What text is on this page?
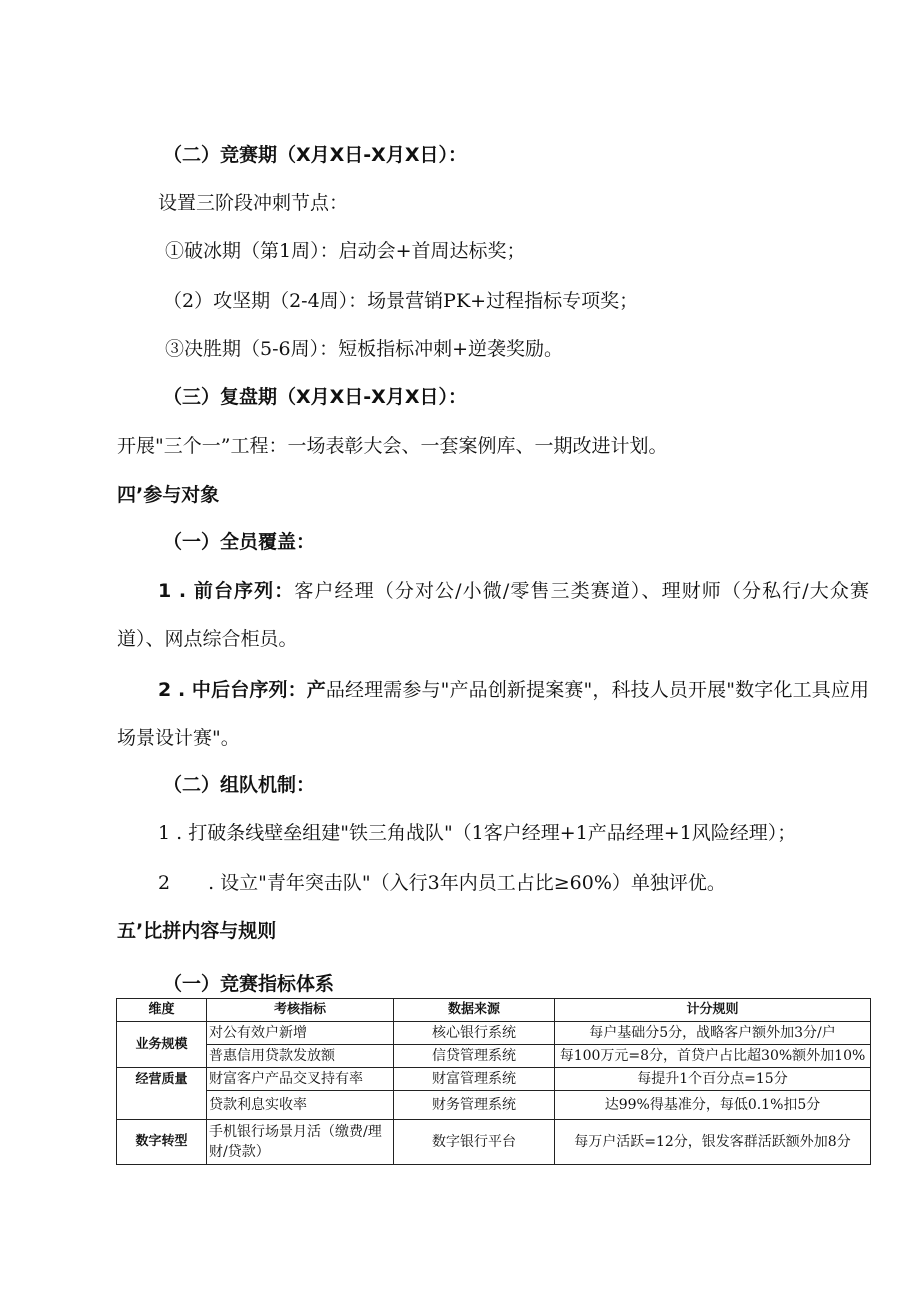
（二）竞赛期（X月X日-X月X日）：
设置三阶段冲刺节点：
①破冰期（第1周）：启动会+首周达标奖；
（2）攻坚期（2-4周）：场景营销PK+过程指标专项奖；
③决胜期（5-6周）：短板指标冲刺+逆袭奖励。
（三）复盘期（X月X日-X月X日）：
开展"三个一”工程：一场表彰大会、一套案例库、一期改进计划。
四’参与对象
（一）全员覆盖：
1 . 前台序列：客户经理（分对公/小微/零售三类赛道）、理财师（分私行/大众赛道）、网点综合柜员。
2 . 中后台序列：产品经理需参与"产品创新提案赛"，科技人员开展"数字化工具应用场景设计赛"。
（二）组队机制：
1 . 打破条线壁垒组建"铁三角战队"（1客户经理+1产品经理+1风险经理）；
2　　. 设立"青年突击队"（入行3年内员工占比≥60%）单独评优。
五’比拼内容与规则
（一）竞赛指标体系
维度	考核指标	数据来源	计分规则
业务规模	对公有效户新增	核心银行系统	每户基础分5分，战略客户额外加3分/户
	普惠信用贷款发放额	信贷管理系统	每100万元=8分，首贷户占比超30%额外加10%
经营质量	财富客户产品交叉持有率	财富管理系统	每提升1个百分点=15分
	贷款利息实收率	财务管理系统	达99%得基准分，每低0.1%扣5分
数字转型	手机银行场景月活（缴费/理财/贷款）	数字银行平台	每万户活跃=12分，银发客群活跃额外加8分
